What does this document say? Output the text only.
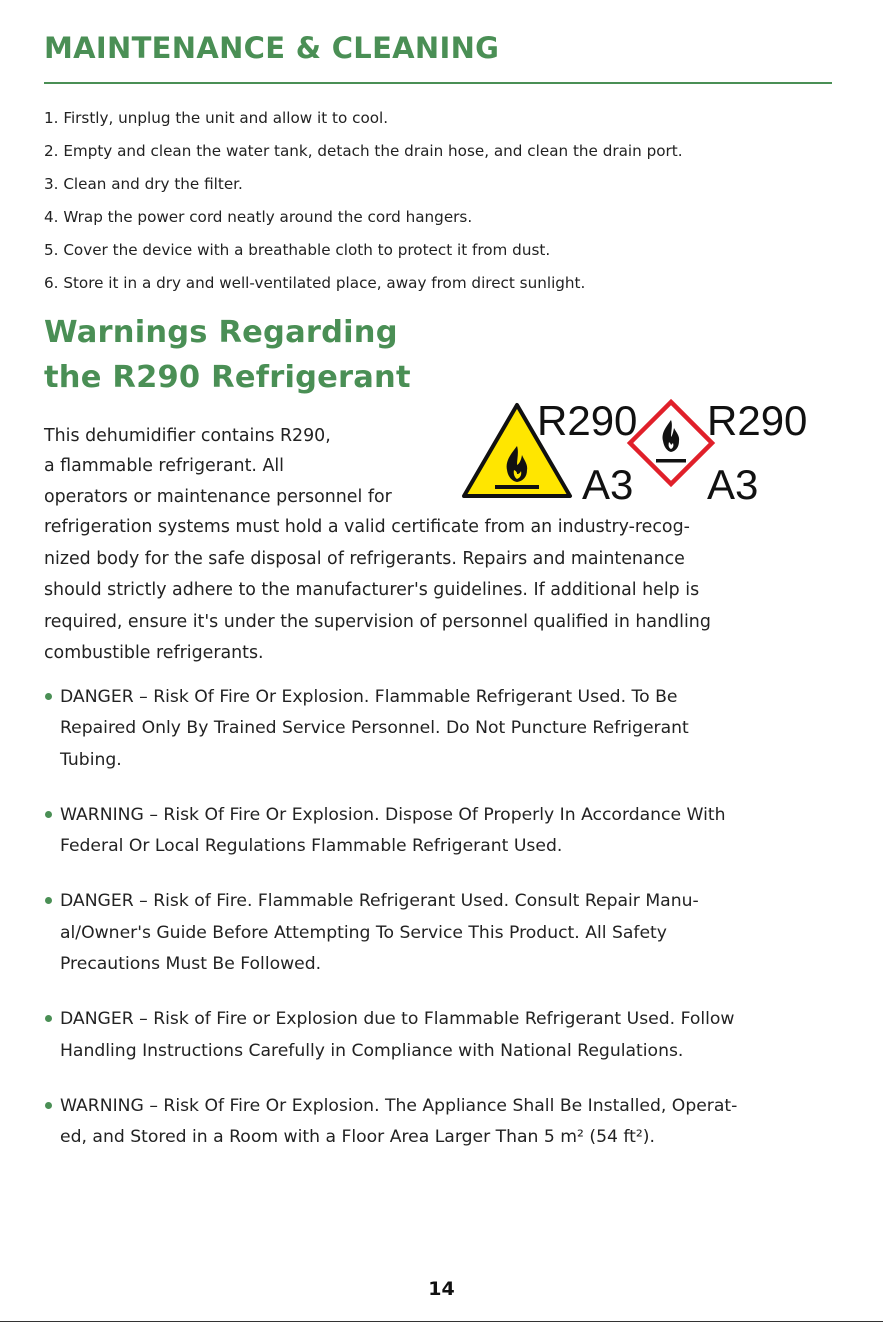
MAINTENANCE & CLEANING
1. Firstly, unplug the unit and allow it to cool.
2. Empty and clean the water tank, detach the drain hose, and clean the drain port.
3. Clean and dry the filter.
4. Wrap the power cord neatly around the cord hangers.
5. Cover the device with a breathable cloth to protect it from dust.
6. Store it in a dry and well-ventilated place, away from direct sunlight.
Warnings Regarding
the R290 Refrigerant
This dehumidifier contains R290,
a flammable refrigerant. All
operators or maintenance personnel for
refrigeration systems must hold a valid certificate from an industry-recog-
nized body for the safe disposal of refrigerants. Repairs and maintenance
should strictly adhere to the manufacturer's guidelines. If additional help is
required, ensure it's under the supervision of personnel qualified in handling
combustible refrigerants.
R290
A3
R290
A3
DANGER – Risk Of Fire Or Explosion. Flammable Refrigerant Used. To Be
Repaired Only By Trained Service Personnel. Do Not Puncture Refrigerant
Tubing.
WARNING – Risk Of Fire Or Explosion. Dispose Of Properly In Accordance With
Federal Or Local Regulations Flammable Refrigerant Used.
DANGER – Risk of Fire. Flammable Refrigerant Used. Consult Repair Manu-
al/Owner's Guide Before Attempting To Service This Product. All Safety
Precautions Must Be Followed.
DANGER – Risk of Fire or Explosion due to Flammable Refrigerant Used. Follow
Handling Instructions Carefully in Compliance with National Regulations.
WARNING – Risk Of Fire Or Explosion. The Appliance Shall Be Installed, Operat-
ed, and Stored in a Room with a Floor Area Larger Than 5 m² (54 ft²).
14
